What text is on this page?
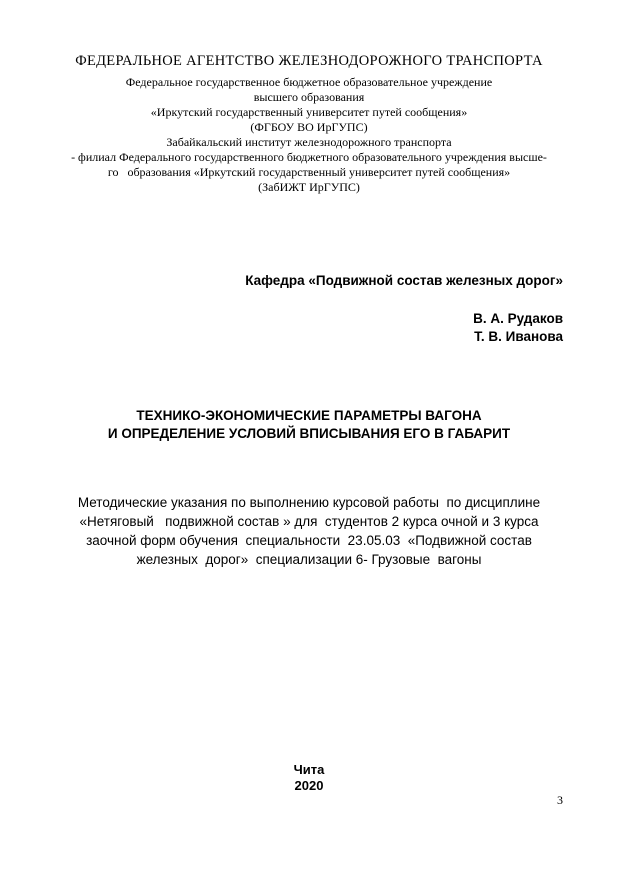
ФЕДЕРАЛЬНОЕ АГЕНТСТВО ЖЕЛЕЗНОДОРОЖНОГО ТРАНСПОРТА
Федеральное государственное бюджетное образовательное учреждение
высшего образования
«Иркутский государственный университет путей сообщения»
(ФГБОУ ВО ИрГУПС)
Забайкальский институт железнодорожного транспорта
- филиал Федерального государственного бюджетного образовательного учреждения высше-
го   образования «Иркутский государственный университет путей сообщения»
(ЗабИЖТ ИрГУПС)
Кафедра «Подвижной состав железных дорог»
В. А. Рудаков
Т. В. Иванова
ТЕХНИКО-ЭКОНОМИЧЕСКИЕ ПАРАМЕТРЫ ВАГОНА
И ОПРЕДЕЛЕНИЕ УСЛОВИЙ ВПИСЫВАНИЯ ЕГО В ГАБАРИТ
Методические указания по выполнению курсовой работы  по дисциплине
«Нетяговый   подвижной состав » для  студентов 2 курса очной и 3 курса
заочной форм обучения  специальности  23.05.03  «Подвижной состав
железных  дорог»  специализации 6- Грузовые  вагоны
Чита
2020
3
